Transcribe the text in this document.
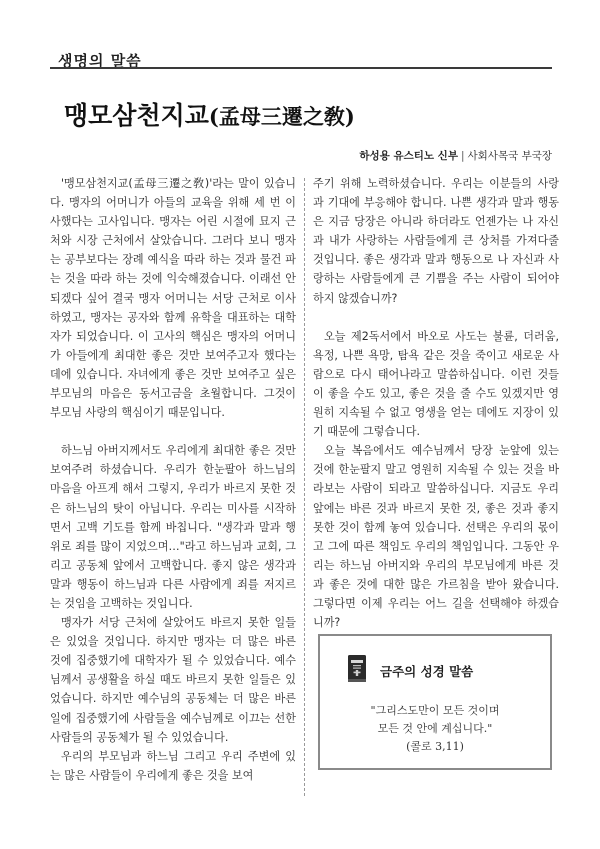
생명의 말씀
맹모삼천지교(孟母三遷之敎)
하성용 유스티노 신부 | 사회사목국 부국장

'맹모삼천지교(孟母三遷之敎)'라는 말이 있습니다. 맹자의 어머니가 아들의 교육을 위해 세 번 이사했다는 고사입니다. 맹자는 어린 시절에 묘지 근처와 시장 근처에서 살았습니다. 그러다 보니 맹자는 공부보다는 장례 예식을 따라 하는 것과 물건 파는 것을 따라 하는 것에 익숙해졌습니다. 이래선 안 되겠다 싶어 결국 맹자 어머니는 서당 근처로 이사하였고, 맹자는 공자와 함께 유학을 대표하는 대학자가 되었습니다. 이 고사의 핵심은 맹자의 어머니가 아들에게 최대한 좋은 것만 보여주고자 했다는 데에 있습니다. 자녀에게 좋은 것만 보여주고 싶은 부모님의 마음은 동서고금을 초월합니다. 그것이 부모님 사랑의 핵심이기 때문입니다.

하느님 아버지께서도 우리에게 최대한 좋은 것만 보여주려 하셨습니다. 우리가 한눈팔아 하느님의 마음을 아프게 해서 그렇지, 우리가 바르지 못한 것은 하느님의 탓이 아닙니다. 우리는 미사를 시작하면서 고백 기도를 함께 바칩니다. "생각과 말과 행위로 죄를 많이 지었으며…"라고 하느님과 교회, 그리고 공동체 앞에서 고백합니다. 좋지 않은 생각과 말과 행동이 하느님과 다른 사람에게 죄를 저지르는 것임을 고백하는 것입니다.

맹자가 서당 근처에 살았어도 바르지 못한 일들은 있었을 것입니다. 하지만 맹자는 더 많은 바른 것에 집중했기에 대학자가 될 수 있었습니다. 예수님께서 공생활을 하실 때도 바르지 못한 일들은 있었습니다. 하지만 예수님의 공동체는 더 많은 바른 일에 집중했기에 사람들을 예수님께로 이끄는 선한 사람들의 공동체가 될 수 있었습니다.

우리의 부모님과 하느님 그리고 우리 주변에 있는 많은 사람들이 우리에게 좋은 것을 보여

주기 위해 노력하셨습니다. 우리는 이분들의 사랑과 기대에 부응해야 합니다. 나쁜 생각과 말과 행동은 지금 당장은 아니라 하더라도 언젠가는 나 자신과 내가 사랑하는 사람들에게 큰 상처를 가져다줄 것입니다. 좋은 생각과 말과 행동으로 나 자신과 사랑하는 사람들에게 큰 기쁨을 주는 사람이 되어야 하지 않겠습니까?

오늘 제2독서에서 바오로 사도는 불륜, 더러움, 욕정, 나쁜 욕망, 탐욕 같은 것을 죽이고 새로운 사람으로 다시 태어나라고 말씀하십니다. 이런 것들이 좋을 수도 있고, 좋은 것을 줄 수도 있겠지만 영원히 지속될 수 없고 영생을 얻는 데에도 지장이 있기 때문에 그렇습니다.

오늘 복음에서도 예수님께서 당장 눈앞에 있는 것에 한눈팔지 말고 영원히 지속될 수 있는 것을 바라보는 사람이 되라고 말씀하십니다. 지금도 우리 앞에는 바른 것과 바르지 못한 것, 좋은 것과 좋지 못한 것이 함께 놓여 있습니다. 선택은 우리의 몫이고 그에 따른 책임도 우리의 책임입니다. 그동안 우리는 하느님 아버지와 우리의 부모님에게 바른 것과 좋은 것에 대한 많은 가르침을 받아 왔습니다. 그렇다면 이제 우리는 어느 길을 선택해야 하겠습니까?

금주의 성경 말씀
"그리스도만이 모든 것이며
모든 것 안에 계십니다."
(콜로 3,11)
